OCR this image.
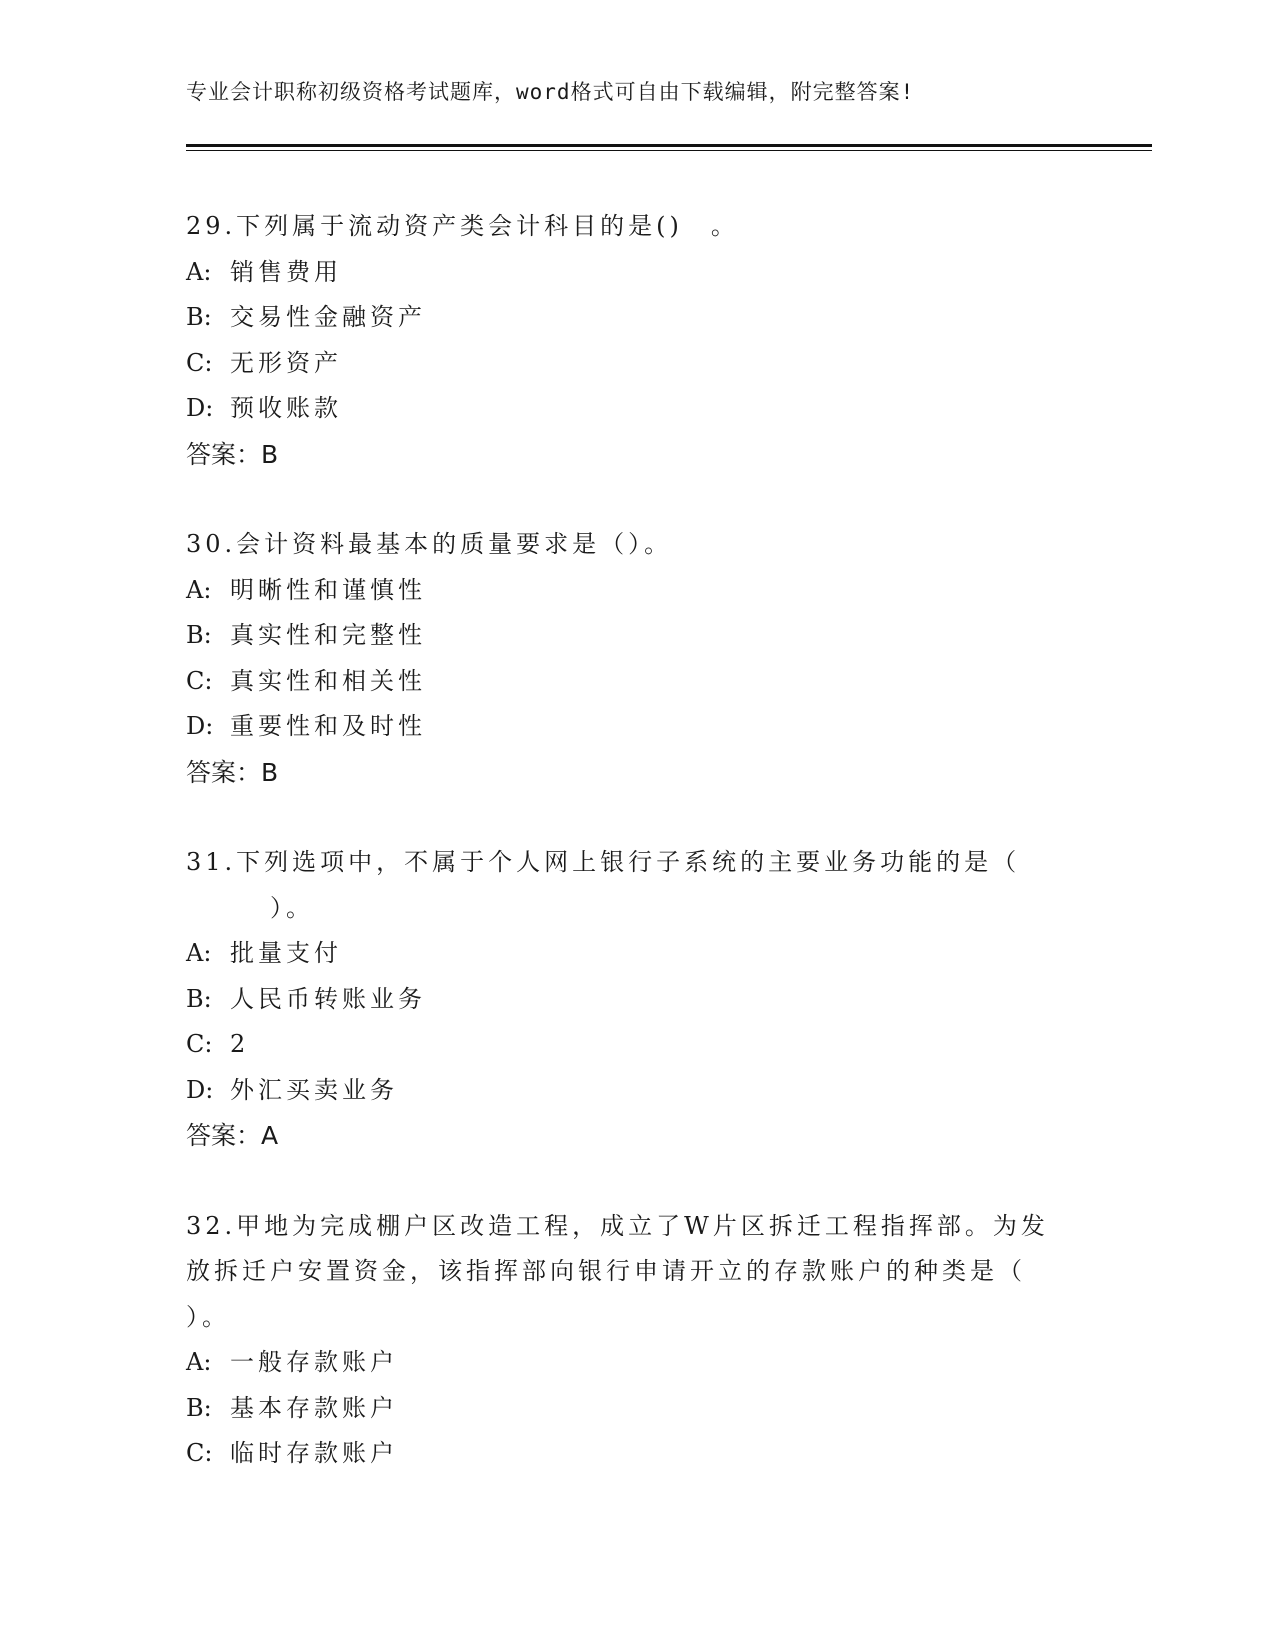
专业会计职称初级资格考试题库，word格式可自由下载编辑，附完整答案!
29.下列属于流动资产类会计科目的是()　。
A: 销售费用
B: 交易性金融资产
C: 无形资产
D: 预收账款
答案：B
30.会计资料最基本的质量要求是（）。
A: 明晰性和谨慎性
B: 真实性和完整性
C: 真实性和相关性
D: 重要性和及时性
答案：B
31.下列选项中，不属于个人网上银行子系统的主要业务功能的是（
　　　）。
A: 批量支付
B: 人民币转账业务
C: 2
D: 外汇买卖业务
答案：A
32.甲地为完成棚户区改造工程，成立了W片区拆迁工程指挥部。为发
放拆迁户安置资金，该指挥部向银行申请开立的存款账户的种类是（
）。
A: 一般存款账户
B: 基本存款账户
C: 临时存款账户
